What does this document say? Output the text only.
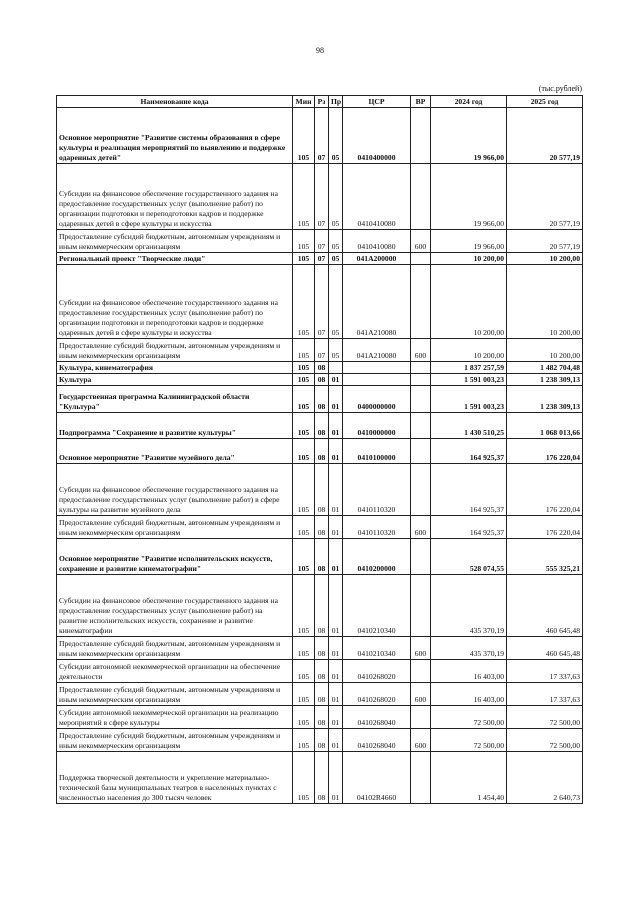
98
(тыс.рублей)
Наименование кода	Мин	Рз	Пр	ЦСР	ВР	2024 год	2025 год
Основное мероприятие "Развитие системы образования в сфере культуры и реализация мероприятий по выявлению и поддержке одаренных детей"	105	07	05	0410400000		19 966,00	20 577,19
Субсидии на финансовое обеспечение государственного задания на предоставление государственных услуг (выполнение работ) по организации подготовки и переподготовки кадров и поддержке одаренных детей в сфере культуры и искусства	105	07	05	0410410080		19 966,00	20 577,19
Предоставление субсидий бюджетным, автономным учреждениям и иным некоммерческим организациям	105	07	05	0410410080	600	19 966,00	20 577,19
Региональный проект "Творческие люди"	105	07	05	041A200000		10 200,00	10 200,00
Субсидии на финансовое обеспечение государственного задания на предоставление государственных услуг (выполнение работ) по организации подготовки и переподготовки кадров и поддержке одаренных детей в сфере культуры и искусства	105	07	05	041A210080		10 200,00	10 200,00
Предоставление субсидий бюджетным, автономным учреждениям и иным некоммерческим организациям	105	07	05	041A210080	600	10 200,00	10 200,00
Культура, кинематография	105	08				1 837 257,59	1 482 704,48
Культура	105	08	01			1 591 003,23	1 238 309,13
Государственная программа Калининградской области "Культура"	105	08	01	0400000000		1 591 003,23	1 238 309,13
Подпрограмма "Сохранение и развитие культуры"	105	08	01	0410000000		1 430 510,25	1 068 013,66
Основное мероприятие "Развитие музейного дела"	105	08	01	0410100000		164 925,37	176 220,04
Субсидии на финансовое обеспечение государственного задания на предоставление государственных услуг (выполнение работ) в сфере культуры на развитие музейного дела	105	08	01	0410110320		164 925,37	176 220,04
Предоставление субсидий бюджетным, автономным учреждениям и иным некоммерческим организациям	105	08	01	0410110320	600	164 925,37	176 220,04
Основное мероприятие "Развитие исполнительских искусств, сохранение и развитие кинематографии"	105	08	01	0410200000		528 074,55	555 325,21
Субсидии на финансовое обеспечение государственного задания на предоставление государственных услуг (выполнение работ) на развитие исполнительских искусств, сохранение и развитие кинематографии	105	08	01	0410210340		435 370,19	460 645,48
Предоставление субсидий бюджетным, автономным учреждениям и иным некоммерческим организациям	105	08	01	0410210340	600	435 370,19	460 645,48
Субсидии автономной некоммерческой организации на обеспечение деятельности	105	08	01	0410268020		16 403,00	17 337,63
Предоставление субсидий бюджетным, автономным учреждениям и иным некоммерческим организациям	105	08	01	0410268020	600	16 403,00	17 337,63
Субсидии автономной некоммерческой организации на реализацию мероприятий в сфере культуры	105	08	01	0410268040		72 500,00	72 500,00
Предоставление субсидий бюджетным, автономным учреждениям и иным некоммерческим организациям	105	08	01	0410268040	600	72 500,00	72 500,00
Поддержка творческой деятельности и укрепление материально-технической базы муниципальных театров в населенных пунктах с численностью населения до 300 тысяч человек	105	08	01	04102R4660		1 454,40	2 640,73
